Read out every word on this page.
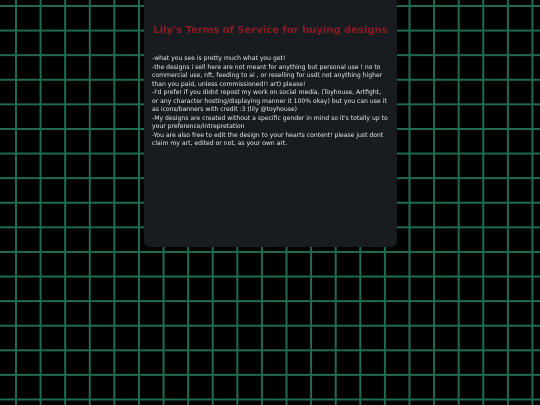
Lily's Terms of Service for buying designs
-what you see is pretty much what you get!
-the designs i sell here are not meant for anything but personal use ! no to commercial use, nft, feeding to ai , or reselling for usd( not anything higher than you paid, unless commissioned!! art) please!
-I'd prefer if you didnt repost my work on social media, (Toyhouse, Artfight, or any character hosting/displaying manner it 100% okay) but you can use it as icons/banners with credit :3 (lily @toyhouse)
-My designs are created without a specific gender in mind so it's totally up to your preference/intrepretation
-You are also free to edit the design to your hearts content! please just dont claim my art, edited or not, as your own art.
